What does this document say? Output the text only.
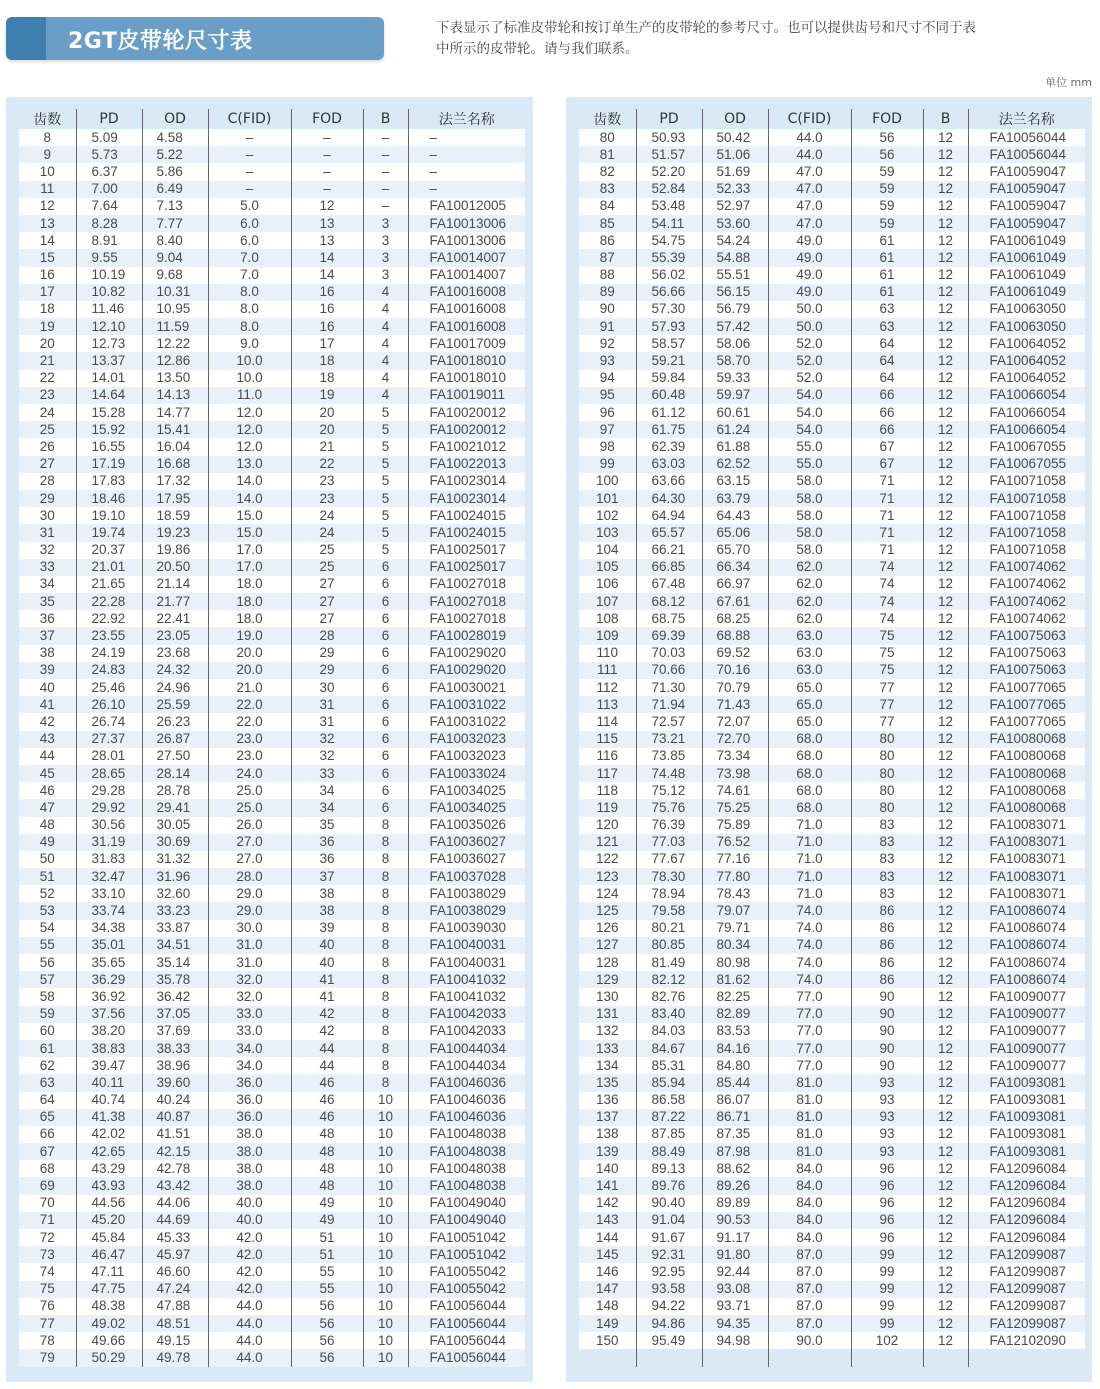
2GT皮带轮尺寸表
下表显示了标准皮带轮和按订单生产的皮带轮的参考尺寸。也可以提供齿号和尺寸不同于表中所示的皮带轮。请与我们联系。
单位 mm
齿数	PD	OD	C(FID)	FOD	B	法兰名称
8	5.09	4.58	–	–	–	–
9	5.73	5.22	–	–	–	–
10	6.37	5.86	–	–	–	–
11	7.00	6.49	–	–	–	–
12	7.64	7.13	5.0	12	–	FA10012005
13	8.28	7.77	6.0	13	3	FA10013006
14	8.91	8.40	6.0	13	3	FA10013006
15	9.55	9.04	7.0	14	3	FA10014007
16	10.19	9.68	7.0	14	3	FA10014007
17	10.82	10.31	8.0	16	4	FA10016008
18	11.46	10.95	8.0	16	4	FA10016008
19	12.10	11.59	8.0	16	4	FA10016008
20	12.73	12.22	9.0	17	4	FA10017009
21	13.37	12.86	10.0	18	4	FA10018010
22	14.01	13.50	10.0	18	4	FA10018010
23	14.64	14.13	11.0	19	4	FA10019011
24	15.28	14.77	12.0	20	5	FA10020012
25	15.92	15.41	12.0	20	5	FA10020012
26	16.55	16.04	12.0	21	5	FA10021012
27	17.19	16.68	13.0	22	5	FA10022013
28	17.83	17.32	14.0	23	5	FA10023014
29	18.46	17.95	14.0	23	5	FA10023014
30	19.10	18.59	15.0	24	5	FA10024015
31	19.74	19.23	15.0	24	5	FA10024015
32	20.37	19.86	17.0	25	5	FA10025017
33	21.01	20.50	17.0	25	6	FA10025017
34	21.65	21.14	18.0	27	6	FA10027018
35	22.28	21.77	18.0	27	6	FA10027018
36	22.92	22.41	18.0	27	6	FA10027018
37	23.55	23.05	19.0	28	6	FA10028019
38	24.19	23.68	20.0	29	6	FA10029020
39	24.83	24.32	20.0	29	6	FA10029020
40	25.46	24.96	21.0	30	6	FA10030021
41	26.10	25.59	22.0	31	6	FA10031022
42	26.74	26.23	22.0	31	6	FA10031022
43	27.37	26.87	23.0	32	6	FA10032023
44	28.01	27.50	23.0	32	6	FA10032023
45	28.65	28.14	24.0	33	6	FA10033024
46	29.28	28.78	25.0	34	6	FA10034025
47	29.92	29.41	25.0	34	6	FA10034025
48	30.56	30.05	26.0	35	8	FA10035026
49	31.19	30.69	27.0	36	8	FA10036027
50	31.83	31.32	27.0	36	8	FA10036027
51	32.47	31.96	28.0	37	8	FA10037028
52	33.10	32.60	29.0	38	8	FA10038029
53	33.74	33.23	29.0	38	8	FA10038029
54	34.38	33.87	30.0	39	8	FA10039030
55	35.01	34.51	31.0	40	8	FA10040031
56	35.65	35.14	31.0	40	8	FA10040031
57	36.29	35.78	32.0	41	8	FA10041032
58	36.92	36.42	32.0	41	8	FA10041032
59	37.56	37.05	33.0	42	8	FA10042033
60	38.20	37.69	33.0	42	8	FA10042033
61	38.83	38.33	34.0	44	8	FA10044034
62	39.47	38.96	34.0	44	8	FA10044034
63	40.11	39.60	36.0	46	8	FA10046036
64	40.74	40.24	36.0	46	10	FA10046036
65	41.38	40.87	36.0	46	10	FA10046036
66	42.02	41.51	38.0	48	10	FA10048038
67	42.65	42.15	38.0	48	10	FA10048038
68	43.29	42.78	38.0	48	10	FA10048038
69	43.93	43.42	38.0	48	10	FA10048038
70	44.56	44.06	40.0	49	10	FA10049040
71	45.20	44.69	40.0	49	10	FA10049040
72	45.84	45.33	42.0	51	10	FA10051042
73	46.47	45.97	42.0	51	10	FA10051042
74	47.11	46.60	42.0	55	10	FA10055042
75	47.75	47.24	42.0	55	10	FA10055042
76	48.38	47.88	44.0	56	10	FA10056044
77	49.02	48.51	44.0	56	10	FA10056044
78	49.66	49.15	44.0	56	10	FA10056044
79	50.29	49.78	44.0	56	10	FA10056044
齿数	PD	OD	C(FID)	FOD	B	法兰名称
80	50.93	50.42	44.0	56	12	FA10056044
81	51.57	51.06	44.0	56	12	FA10056044
82	52.20	51.69	47.0	59	12	FA10059047
83	52.84	52.33	47.0	59	12	FA10059047
84	53.48	52.97	47.0	59	12	FA10059047
85	54.11	53.60	47.0	59	12	FA10059047
86	54.75	54.24	49.0	61	12	FA10061049
87	55.39	54.88	49.0	61	12	FA10061049
88	56.02	55.51	49.0	61	12	FA10061049
89	56.66	56.15	49.0	61	12	FA10061049
90	57.30	56.79	50.0	63	12	FA10063050
91	57.93	57.42	50.0	63	12	FA10063050
92	58.57	58.06	52.0	64	12	FA10064052
93	59.21	58.70	52.0	64	12	FA10064052
94	59.84	59.33	52.0	64	12	FA10064052
95	60.48	59.97	54.0	66	12	FA10066054
96	61.12	60.61	54.0	66	12	FA10066054
97	61.75	61.24	54.0	66	12	FA10066054
98	62.39	61.88	55.0	67	12	FA10067055
99	63.03	62.52	55.0	67	12	FA10067055
100	63.66	63.15	58.0	71	12	FA10071058
101	64.30	63.79	58.0	71	12	FA10071058
102	64.94	64.43	58.0	71	12	FA10071058
103	65.57	65.06	58.0	71	12	FA10071058
104	66.21	65.70	58.0	71	12	FA10071058
105	66.85	66.34	62.0	74	12	FA10074062
106	67.48	66.97	62.0	74	12	FA10074062
107	68.12	67.61	62.0	74	12	FA10074062
108	68.75	68.25	62.0	74	12	FA10074062
109	69.39	68.88	63.0	75	12	FA10075063
110	70.03	69.52	63.0	75	12	FA10075063
111	70.66	70.16	63.0	75	12	FA10075063
112	71.30	70.79	65.0	77	12	FA10077065
113	71.94	71.43	65.0	77	12	FA10077065
114	72.57	72.07	65.0	77	12	FA10077065
115	73.21	72.70	68.0	80	12	FA10080068
116	73.85	73.34	68.0	80	12	FA10080068
117	74.48	73.98	68.0	80	12	FA10080068
118	75.12	74.61	68.0	80	12	FA10080068
119	75.76	75.25	68.0	80	12	FA10080068
120	76.39	75.89	71.0	83	12	FA10083071
121	77.03	76.52	71.0	83	12	FA10083071
122	77.67	77.16	71.0	83	12	FA10083071
123	78.30	77.80	71.0	83	12	FA10083071
124	78.94	78.43	71.0	83	12	FA10083071
125	79.58	79.07	74.0	86	12	FA10086074
126	80.21	79.71	74.0	86	12	FA10086074
127	80.85	80.34	74.0	86	12	FA10086074
128	81.49	80.98	74.0	86	12	FA10086074
129	82.12	81.62	74.0	86	12	FA10086074
130	82.76	82.25	77.0	90	12	FA10090077
131	83.40	82.89	77.0	90	12	FA10090077
132	84.03	83.53	77.0	90	12	FA10090077
133	84.67	84.16	77.0	90	12	FA10090077
134	85.31	84.80	77.0	90	12	FA10090077
135	85.94	85.44	81.0	93	12	FA10093081
136	86.58	86.07	81.0	93	12	FA10093081
137	87.22	86.71	81.0	93	12	FA10093081
138	87.85	87.35	81.0	93	12	FA10093081
139	88.49	87.98	81.0	93	12	FA10093081
140	89.13	88.62	84.0	96	12	FA12096084
141	89.76	89.26	84.0	96	12	FA12096084
142	90.40	89.89	84.0	96	12	FA12096084
143	91.04	90.53	84.0	96	12	FA12096084
144	91.67	91.17	84.0	96	12	FA12096084
145	92.31	91.80	87.0	99	12	FA12099087
146	92.95	92.44	87.0	99	12	FA12099087
147	93.58	93.08	87.0	99	12	FA12099087
148	94.22	93.71	87.0	99	12	FA12099087
149	94.86	94.35	87.0	99	12	FA12099087
150	95.49	94.98	90.0	102	12	FA12102090
